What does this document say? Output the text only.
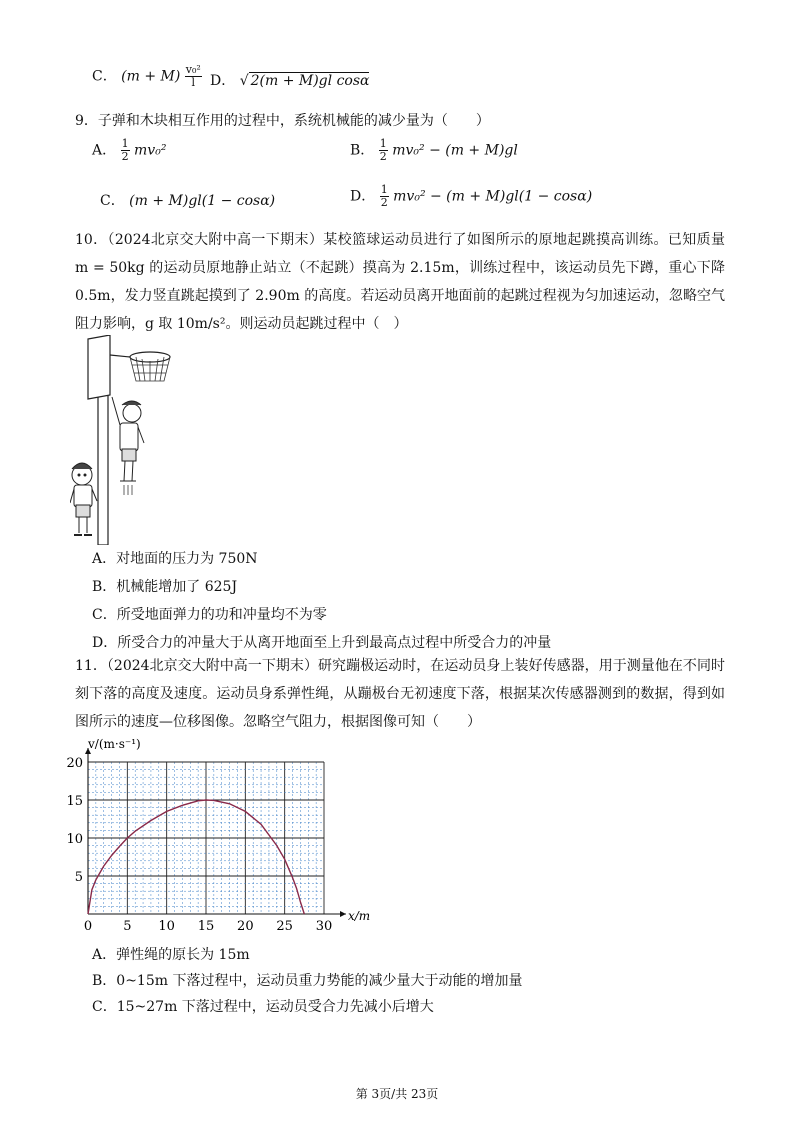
C． $(m + M) \frac{\text{v₀²}}{l}$ D． √ 2(m + M)gl cosα
9．子弹和木块相互作用的过程中，系统机械能的减少量为（　　）
A． $\frac{1}{2} mv_0^2$	B． $\frac{1}{2} mv_0^2 - (m + M)gl$
C． (m + M)gl(1 − cosα)	D． $\frac{1}{2} mv_0^2 - (m + M)gl(1 - \cos\alpha)$
10．（2024北京交大附中高一下期末）某校篮球运动员进行了如图所示的原地起跳摸高训练。已知质量 m = 50kg 的运动员原地静止站立（不起跳）摸高为 2.15m，训练过程中，该运动员先下蹲，重心下降 0.5m，发力竖直跳起摸到了 2.90m 的高度。若运动员离开地面前的起跳过程视为匀加速运动，忽略空气阻力影响，g 取 10m/s²。则运动员起跳过程中（　）
A．对地面的压力为 750N
B．机械能增加了 625J
C．所受地面弹力的功和冲量均不为零
D．所受合力的冲量大于从离开地面至上升到最高点过程中所受合力的冲量
11．（2024北京交大附中高一下期末）研究蹦极运动时，在运动员身上装好传感器，用于测量他在不同时刻下落的高度及速度。运动员身系弹性绳，从蹦极台无初速度下落，根据某次传感器测到的数据，得到如图所示的速度—位移图像。忽略空气阻力，根据图像可知（　　）
0 5 10 15 20 25 30
5
10
15
20
v/(m·s⁻¹)
x/m
A．弹性绳的原长为 15m
B．0~15m 下落过程中，运动员重力势能的减少量大于动能的增加量
C．15~27m 下落过程中，运动员受合力先减小后增大
第 3页/共 23页
